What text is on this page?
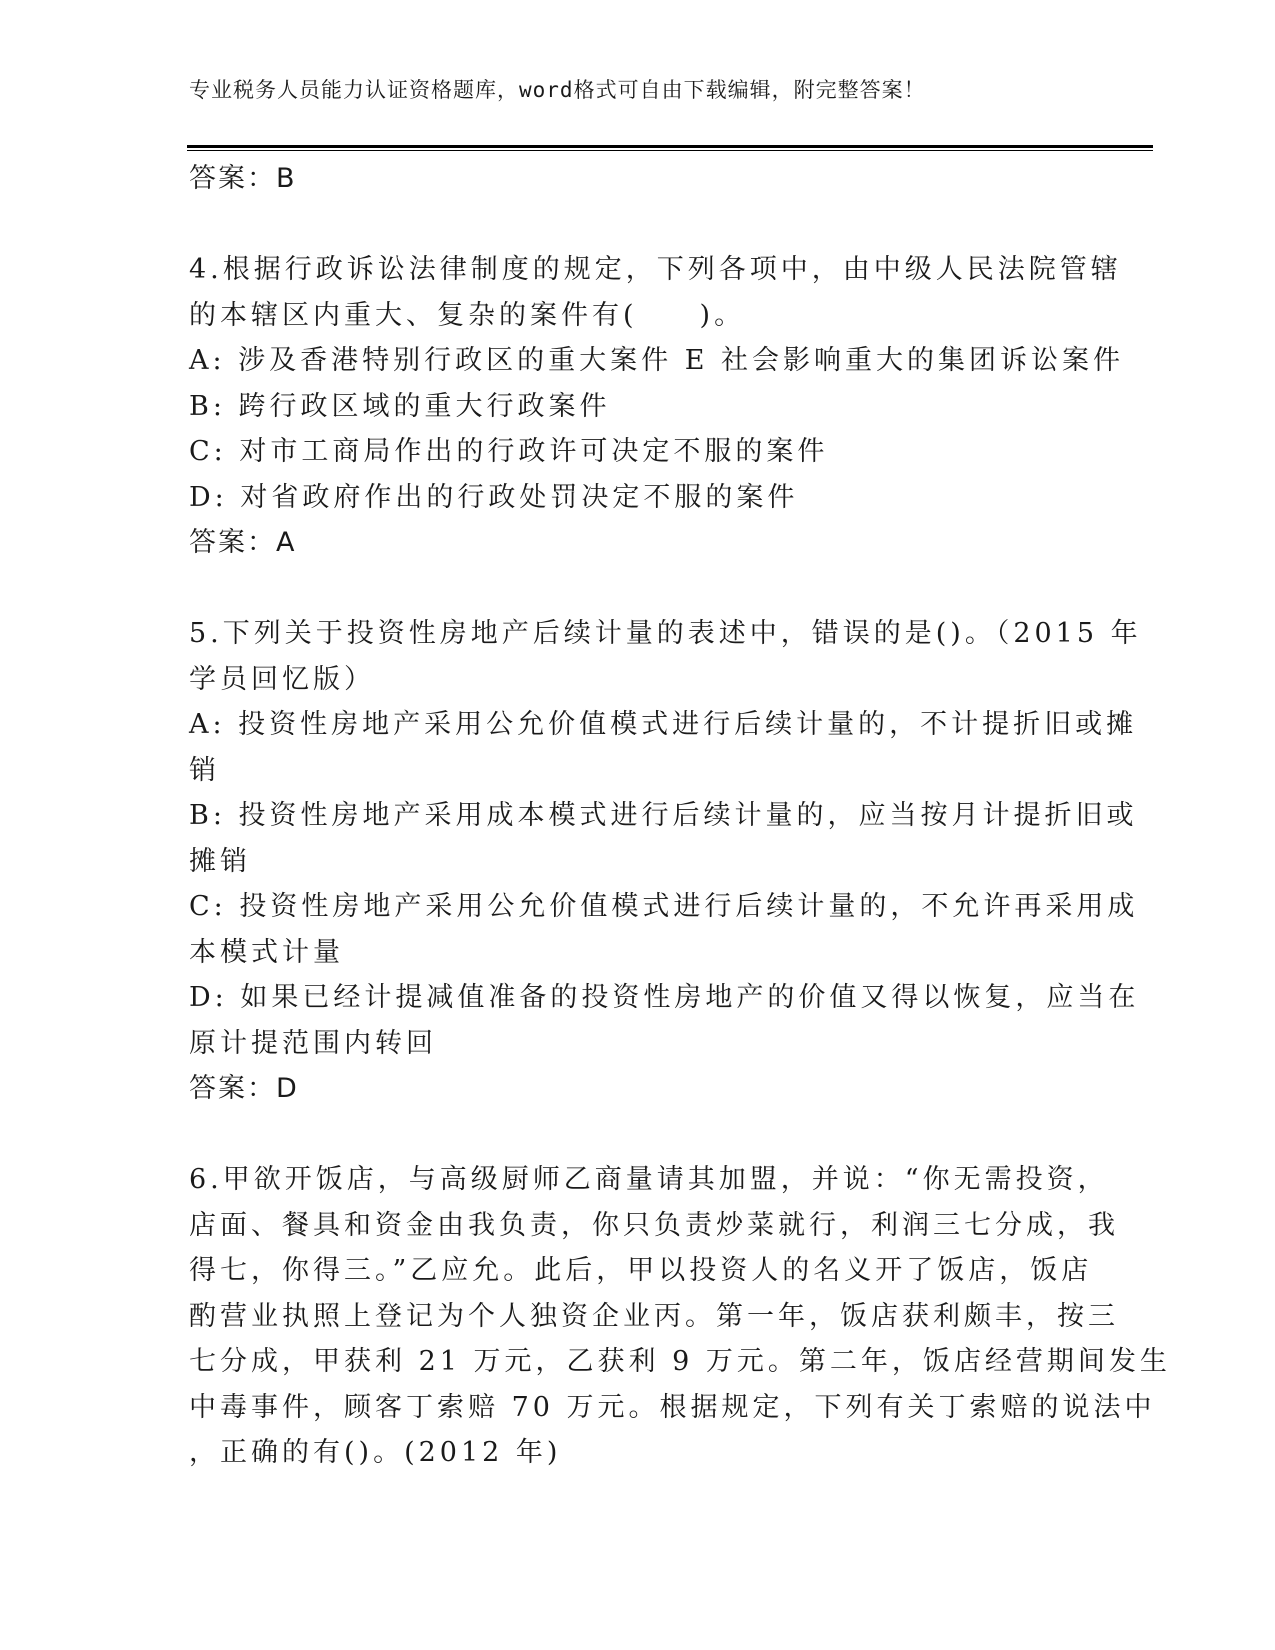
专业税务人员能力认证资格题库，word格式可自由下载编辑，附完整答案！
答案：B
4.根据行政诉讼法律制度的规定，下列各项中，由中级人民法院管辖
的本辖区内重大、复杂的案件有(　　)。
A: 涉及香港特别行政区的重大案件 E 社会影响重大的集团诉讼案件
B: 跨行政区域的重大行政案件
C: 对市工商局作出的行政许可决定不服的案件
D: 对省政府作出的行政处罚决定不服的案件
答案：A
5.下列关于投资性房地产后续计量的表述中，错误的是()。（2015 年
学员回忆版）
A: 投资性房地产采用公允价值模式进行后续计量的，不计提折旧或摊
销
B: 投资性房地产采用成本模式进行后续计量的，应当按月计提折旧或
摊销
C: 投资性房地产采用公允价值模式进行后续计量的，不允许再采用成
本模式计量
D: 如果已经计提减值准备的投资性房地产的价值又得以恢复，应当在
原计提范围内转回
答案：D
6.甲欲开饭店，与高级厨师乙商量请其加盟，并说：“你无需投资，
店面、餐具和资金由我负责，你只负责炒菜就行，利润三七分成，我
得七，你得三。”乙应允。此后，甲以投资人的名义开了饭店，饭店
酌营业执照上登记为个人独资企业丙。第一年，饭店获利颇丰，按三
七分成，甲获利 21 万元，乙获利 9 万元。第二年，饭店经营期间发生
中毒事件，顾客丁索赔 70 万元。根据规定，下列有关丁索赔的说法中
，正确的有()。(2012 年)
